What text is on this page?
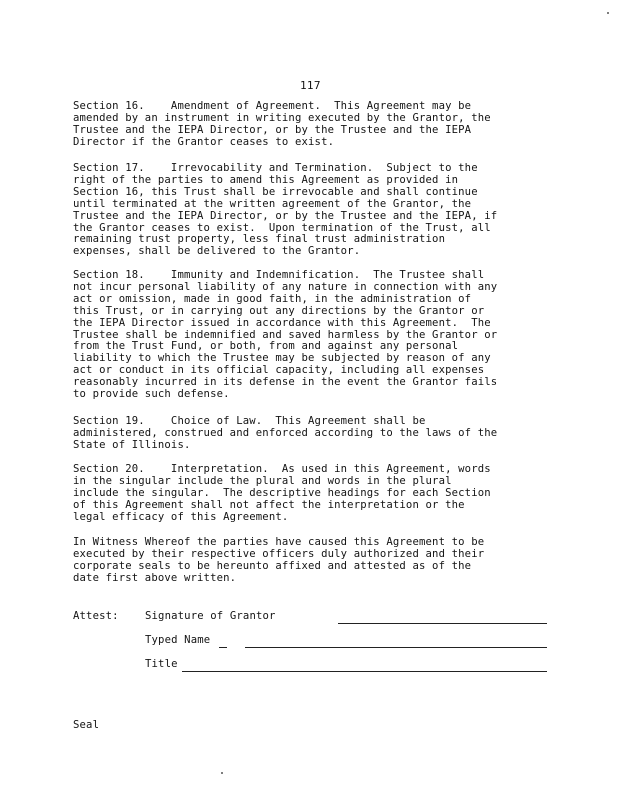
117
Section 16.    Amendment of Agreement.  This Agreement may be
amended by an instrument in writing executed by the Grantor, the
Trustee and the IEPA Director, or by the Trustee and the IEPA
Director if the Grantor ceases to exist.
Section 17.    Irrevocability and Termination.  Subject to the
right of the parties to amend this Agreement as provided in
Section 16, this Trust shall be irrevocable and shall continue
until terminated at the written agreement of the Grantor, the
Trustee and the IEPA Director, or by the Trustee and the IEPA, if
the Grantor ceases to exist.  Upon termination of the Trust, all
remaining trust property, less final trust administration
expenses, shall be delivered to the Grantor.
Section 18.    Immunity and Indemnification.  The Trustee shall
not incur personal liability of any nature in connection with any
act or omission, made in good faith, in the administration of
this Trust, or in carrying out any directions by the Grantor or
the IEPA Director issued in accordance with this Agreement.  The
Trustee shall be indemnified and saved harmless by the Grantor or
from the Trust Fund, or both, from and against any personal
liability to which the Trustee may be subjected by reason of any
act or conduct in its official capacity, including all expenses
reasonably incurred in its defense in the event the Grantor fails
to provide such defense.
Section 19.    Choice of Law.  This Agreement shall be
administered, construed and enforced according to the laws of the
State of Illinois.
Section 20.    Interpretation.  As used in this Agreement, words
in the singular include the plural and words in the plural
include the singular.  The descriptive headings for each Section
of this Agreement shall not affect the interpretation or the
legal efficacy of this Agreement.
In Witness Whereof the parties have caused this Agreement to be
executed by their respective officers duly authorized and their
corporate seals to be hereunto affixed and attested as of the
date first above written.
Attest: Signature of Grantor
Typed Name
Title
Seal
